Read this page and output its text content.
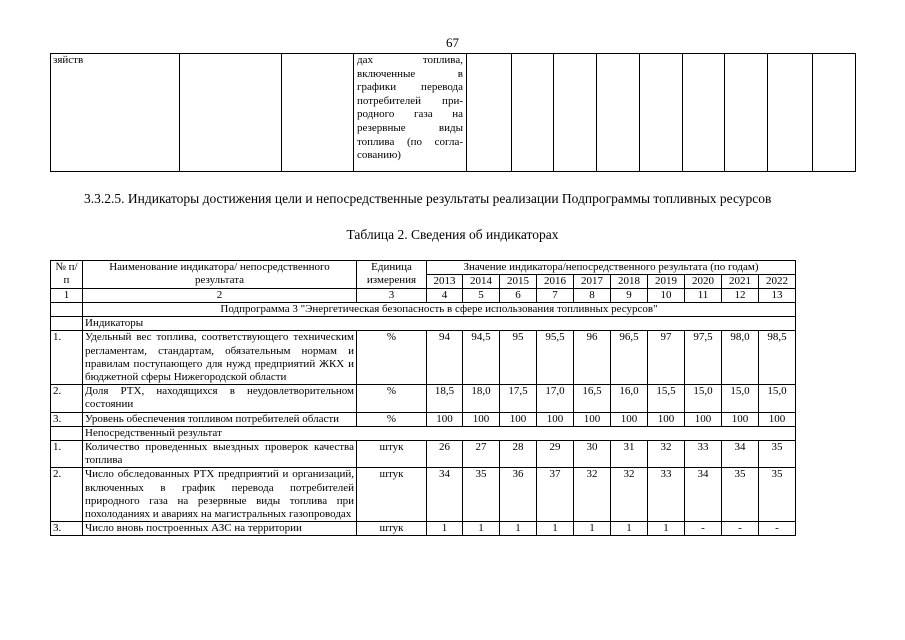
67
зяйств			дах топлива,
включенные в
графики перевода
потребителей при-
родного газа на
резервные виды
топлива (по согла-
сованию)

3.3.2.5. Индикаторы достижения цели и непосредственные результаты реализации Подпрограммы топливных ресурсов
Таблица 2. Сведения об индикаторах
№ п/п	Наименование индикатора/ непосредственного результата	Единица измерения	Значение индикатора/непосредственного результата (по годам)									
			2013	2014	2015	2016	2017	2018	2019	2020	2021	2022
1	2	3	4	5	6	7	8	9	10	11	12	13
	Подпрограмма 3 "Энергетическая безопасность в сфере использования топливных ресурсов"											
	Индикаторы											
1.	Удельный вес топлива, соответствующего техническим регламентам, стандартам, обязательным нормам и правилам поступающего для нужд предприятий ЖКХ и бюджетной сферы Нижегородской области	%	94	94,5	95	95,5	96	96,5	97	97,5	98,0	98,5
2.	Доля РТХ, находящихся в неудовлетворительном состоянии	%	18,5	18,0	17,5	17,0	16,5	16,0	15,5	15,0	15,0	15,0
3.	Уровень обеспечения топливом потребителей области	%	100	100	100	100	100	100	100	100	100	100
	Непосредственный результат											
1.	Количество проведенных выездных проверок качества топлива	штук	26	27	28	29	30	31	32	33	34	35
2.	Число обследованных РТХ предприятий и организаций, включенных в график перевода потребителей природного газа на резервные виды топлива при похолоданиях и авариях на магистральных газопроводах	штук	34	35	36	37	32	32	33	34	35	35
3.	Число вновь построенных АЗС на территории	штук	1	1	1	1	1	1	1	-	-	-
